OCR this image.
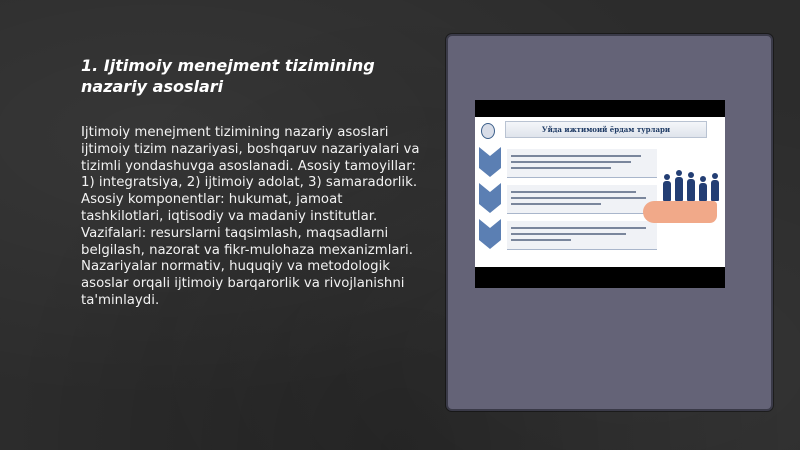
1. Ijtimoiy menejment tizimining nazariy asoslari

Ijtimoiy menejment tizimining nazariy asoslari ijtimoiy tizim nazariyasi, boshqaruv nazariyalari va tizimli yondashuvga asoslanadi. Asosiy tamoyillar: 1) integratsiya, 2) ijtimoiy adolat, 3) samaradorlik. Asosiy komponentlar: hukumat, jamoat tashkilotlari, iqtisodiy va madaniy institutlar. Vazifalari: resurslarni taqsimlash, maqsadlarni belgilash, nazorat va fikr-mulohaza mexanizmlari. Nazariyalar normativ, huquqiy va metodologik asoslar orqali ijtimoiy barqarorlik va rivojlanishni ta'minlaydi.

Уйда ижтимоий ёрдам турлари
